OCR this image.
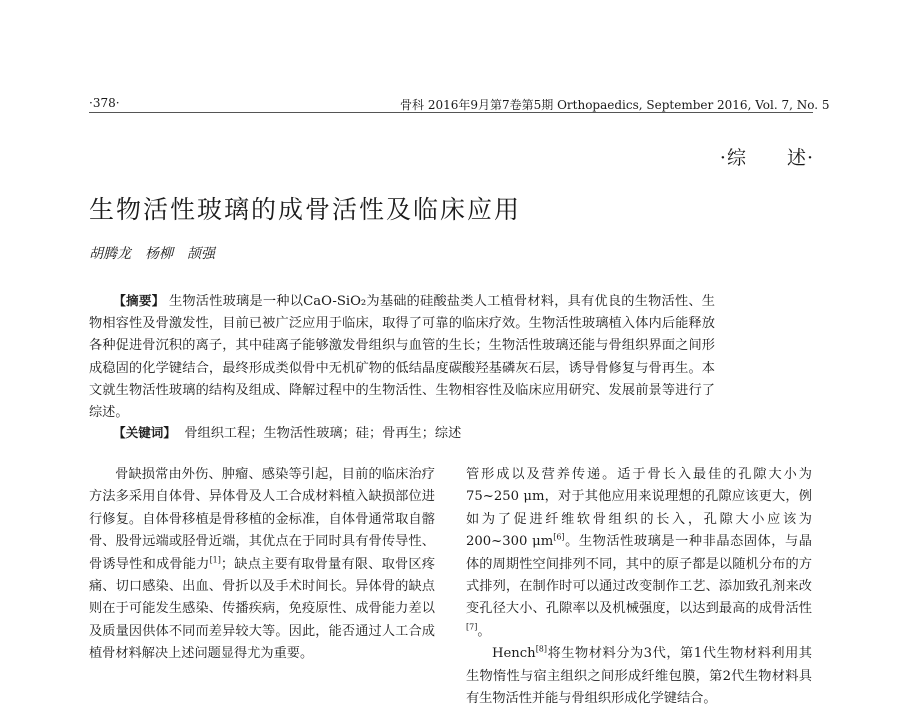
·378·	骨科 2016年9月第7卷第5期 Orthopaedics, September 2016, Vol. 7, No. 5
·综　　述·
生物活性玻璃的成骨活性及临床应用
胡腾龙　杨柳　颉强
【摘要】 生物活性玻璃是一种以CaO-SiO₂为基础的硅酸盐类人工植骨材料，具有优良的生物活性、生物相容性及骨激发性，目前已被广泛应用于临床，取得了可靠的临床疗效。生物活性玻璃植入体内后能释放各种促进骨沉积的离子，其中硅离子能够激发骨组织与血管的生长；生物活性玻璃还能与骨组织界面之间形成稳固的化学键结合，最终形成类似骨中无机矿物的低结晶度碳酸羟基磷灰石层，诱导骨修复与骨再生。本文就生物活性玻璃的结构及组成、降解过程中的生物活性、生物相容性及临床应用研究、发展前景等进行了综述。
【关键词】 骨组织工程；生物活性玻璃；硅；骨再生；综述
骨缺损常由外伤、肿瘤、感染等引起，目前的临床治疗方法多采用自体骨、异体骨及人工合成材料植入缺损部位进行修复。自体骨移植是骨移植的金标准，自体骨通常取自髂骨、股骨远端或胫骨近端，其优点在于同时具有骨传导性、骨诱导性和成骨能力[1]；缺点主要有取骨量有限、取骨区疼痛、切口感染、出血、骨折以及手术时间长。异体骨的缺点则在于可能发生感染、传播疾病，免疫原性、成骨能力差以及质量因供体不同而差异较大等。因此，能否通过人工合成植骨材料解决上述问题显得尤为重要。
管形成以及营养传递。适于骨长入最佳的孔隙大小为75~250 μm，对于其他应用来说理想的孔隙应该更大，例如为了促进纤维软骨组织的长入，孔隙大小应该为200~300 μm[6]。生物活性玻璃是一种非晶态固体，与晶体的周期性空间排列不同，其中的原子都是以随机分布的方式排列，在制作时可以通过改变制作工艺、添加致孔剂来改变孔径大小、孔隙率以及机械强度，以达到最高的成骨活性[7]。
Hench[8]将生物材料分为3代，第1代生物材料利用其生物惰性与宿主组织之间形成纤维包膜，第2代生物材料具有生物活性并能与骨组织形成化学键结合。
